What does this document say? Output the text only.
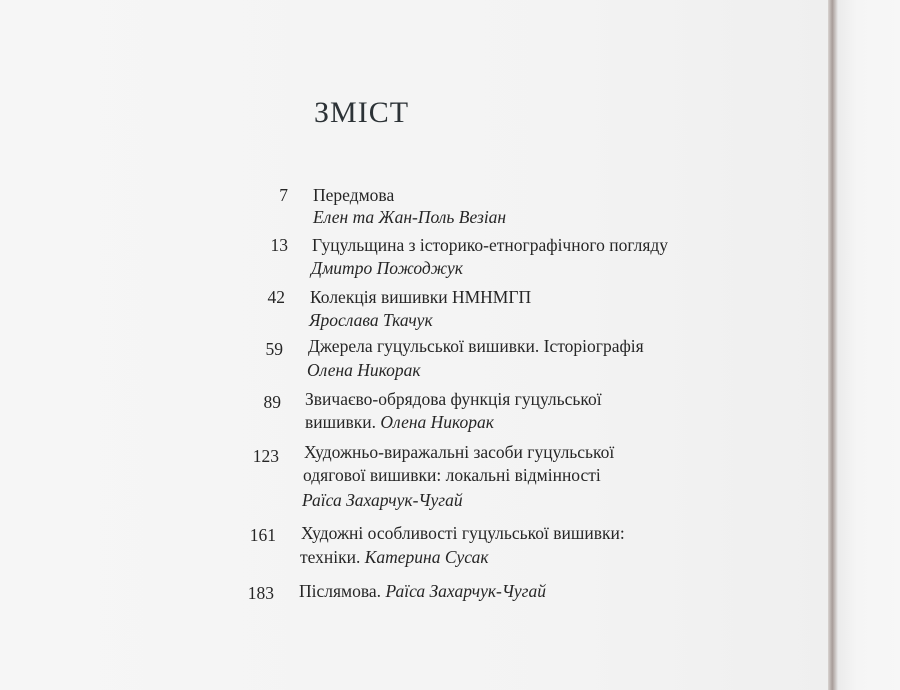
ЗМІСТ
7 Передмова
Елен та Жан-Поль Везіан
13 Гуцульщина з історико-етнографічного погляду
Дмитро Пожоджук
42 Колекція вишивки НМНМГП
Ярослава Ткачук
59 Джерела гуцульської вишивки. Історіографія
Олена Никорак
89 Звичаєво-обрядова функція гуцульської
вишивки. Олена Никорак
123 Художньо-виражальні засоби гуцульської
одягової вишивки: локальні відмінності
Раїса Захарчук-Чугай
161 Художні особливості гуцульської вишивки:
техніки. Катерина Сусак
183 Післямова. Раїса Захарчук-Чугай
